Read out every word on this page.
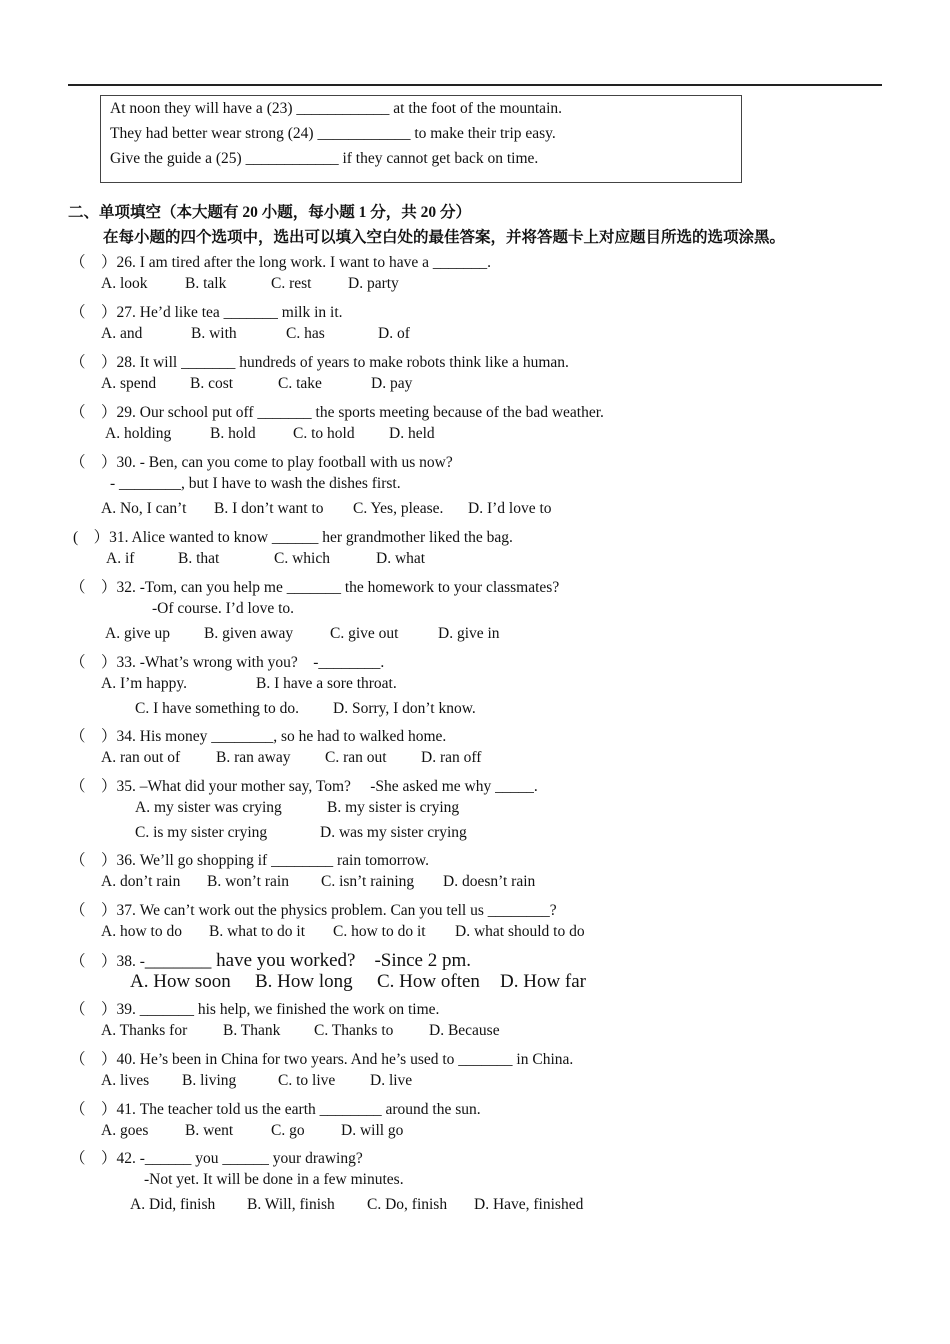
At noon they will have a (23) ____________ at the foot of the mountain.
They had better wear strong (24) ____________ to make their trip easy.
Give the guide a (25) ____________ if they cannot get back on time.
二、单项填空（本大题有 20 小题，每小题 1 分，共 20 分）
在每小题的四个选项中，选出可以填入空白处的最佳答案，并将答题卡上对应题目所选的选项涂黑。
（　）26. I am tired after the long work. I want to have a _______.
A. look B. talk	C. rest D. party
（　）27. He’d like tea _______ milk in it.
A. and	B. with	C. has	D. of
（　）28. It will _______ hundreds of years to make robots think like a human.
A. spend B. cost	C. take	D. pay
（　）29. Our school put off _______ the sports meeting because of the bad weather.
A. holding B. hold C. to hold D. held
（　）30. - Ben, can you come to play football with us now?
- ________, but I have to wash the dishes first.
A. No, I can’t B. I don’t want to C. Yes, please. D. I’d love to
(　）31. Alice wanted to know ______ her grandmother liked the bag.
A. if	B. that	C. which	D. what
（　）32. -Tom, can you help me _______ the homework to your classmates?
-Of course. I’d love to.
A. give up B. given away C. give out	D. give in
（　）33. -What’s wrong with you?　-________.
A. I’m happy.	B. I have a sore throat.
C. I have something to do. D. Sorry, I don’t know.
（　）34. His money ________, so he had to walked home.
A. ran out of B. ran away C. ran out D. ran off
（　）35. –What did your mother say, Tom?　 -She asked me why _____.
A. my sister was crying	B. my sister is crying
C. is my sister crying	D. was my sister crying
（　）36. We’ll go shopping if ________ rain tomorrow.
A. don’t rain B. won’t rain C. isn’t raining D. doesn’t rain
（　）37. We can’t work out the physics problem. Can you tell us ________?
A. how to do B. what to do it C. how to do it D. what should to do
（　）38. -_______ have you worked?　-Since 2 pm.
A. How soon B. How long C. How often D. How far
（　）39. _______ his help, we finished the work on time.
A. Thanks for B. Thank C. Thanks to D. Because
（　）40. He’s been in China for two years. And he’s used to _______ in China.
A. lives B. living	C. to live D. live
（　）41. The teacher told us the earth ________ around the sun.
A. goes B. went C. go D. will go
（　）42. -______ you ______ your drawing?
-Not yet. It will be done in a few minutes.
A. Did, finish B. Will, finish C. Do, finish D. Have, finished
